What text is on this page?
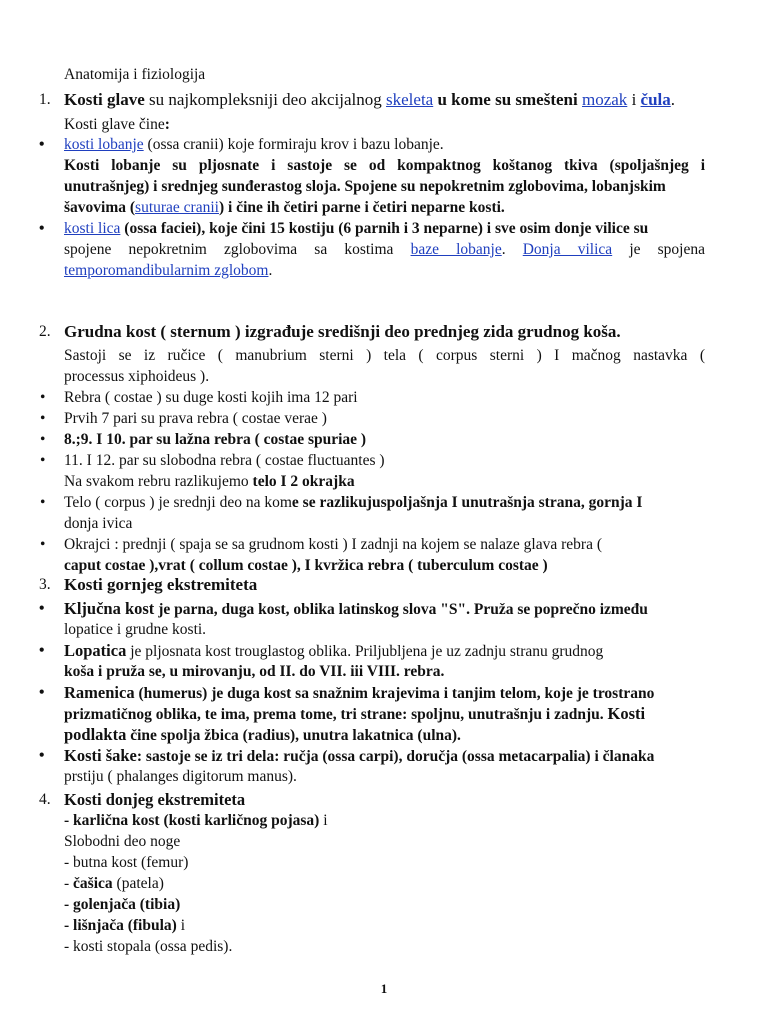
1
Anatomija i fiziologija
Kosti glave su najkompleksniji deo akcijalnog skeleta u kome su smešteni mozak i čula.
1.
Kosti glave čine:
kosti lobanje (ossa cranii) koje formiraju krov i bazu lobanje.
•
Kosti lobanje su pljosnate i sastoje se od kompaktnog koštanog tkiva (spoljašnjeg i
unutrašnjeg) i srednjeg sunđerastog sloja. Spojene su nepokretnim zglobovima, lobanjskim
šavovima (suturae cranii) i čine ih četiri parne i četiri neparne kosti.
kosti lica (ossa faciei), koje čini 15 kostiju (6 parnih i 3 neparne) i sve osim donje vilice su
•
spojene nepokretnim zglobovima sa kostima baze lobanje. Donja vilica je spojena
temporomandibularnim zglobom.
Grudna kost ( sternum ) izgrađuje središnji deo prednjeg zida grudnog koša.
2.
Sastoji se iz ručice ( manubrium sterni ) tela ( corpus sterni ) I mačnog nastavka (
processus xiphoideus ).
Rebra ( costae ) su duge kosti kojih ima 12 pari
•
Prvih 7 pari su prava rebra ( costae verae )
•
8.;9. I 10. par su lažna rebra ( costae spuriae )
•
11. I 12. par su slobodna rebra ( costae fluctuantes )
•
Na svakom rebru razlikujemo telo I 2 okrajka
Telo ( corpus ) je srednji deo na kome se razlikujuspoljašnja I unutrašnja strana, gornja I
•
donja ivica
Okrajci : prednji ( spaja se sa grudnom kosti ) I zadnji na kojem se nalaze glava rebra (
•
caput costae ),vrat ( collum costae ), I kvržica rebra ( tuberculum costae )
Kosti gornjeg ekstremiteta
3.
Ključna kost je parna, duga kost, oblika latinskog slova "S". Pruža se poprečno između
•
lopatice i grudne kosti.
Lopatica je pljosnata kost trouglastog oblika. Priljubljena je uz zadnju stranu grudnog
•
koša i pruža se, u mirovanju, od II. do VII. iii VIII. rebra.
Ramenica (humerus) je duga kost sa snažnim krajevima i tanjim telom, koje je trostrano
•
prizmatičnog oblika, te ima, prema tome, tri strane: spoljnu, unutrašnju i zadnju. Kosti
podlakta čine spolja žbica (radius), unutra lakatnica (ulna).
Kosti šake: sastoje se iz tri dela: ručja (ossa carpi), doručja (ossa metacarpalia) i članaka
•
prstiju ( phalanges digitorum manus).
Kosti donjeg ekstremiteta
4.
- karlična kost (kosti karličnog pojasa) i
Slobodni deo noge
- butna kost (femur)
- čašica (patela)
- golenjača (tibia)
- lišnjača (fibula) i
- kosti stopala (ossa pedis).
